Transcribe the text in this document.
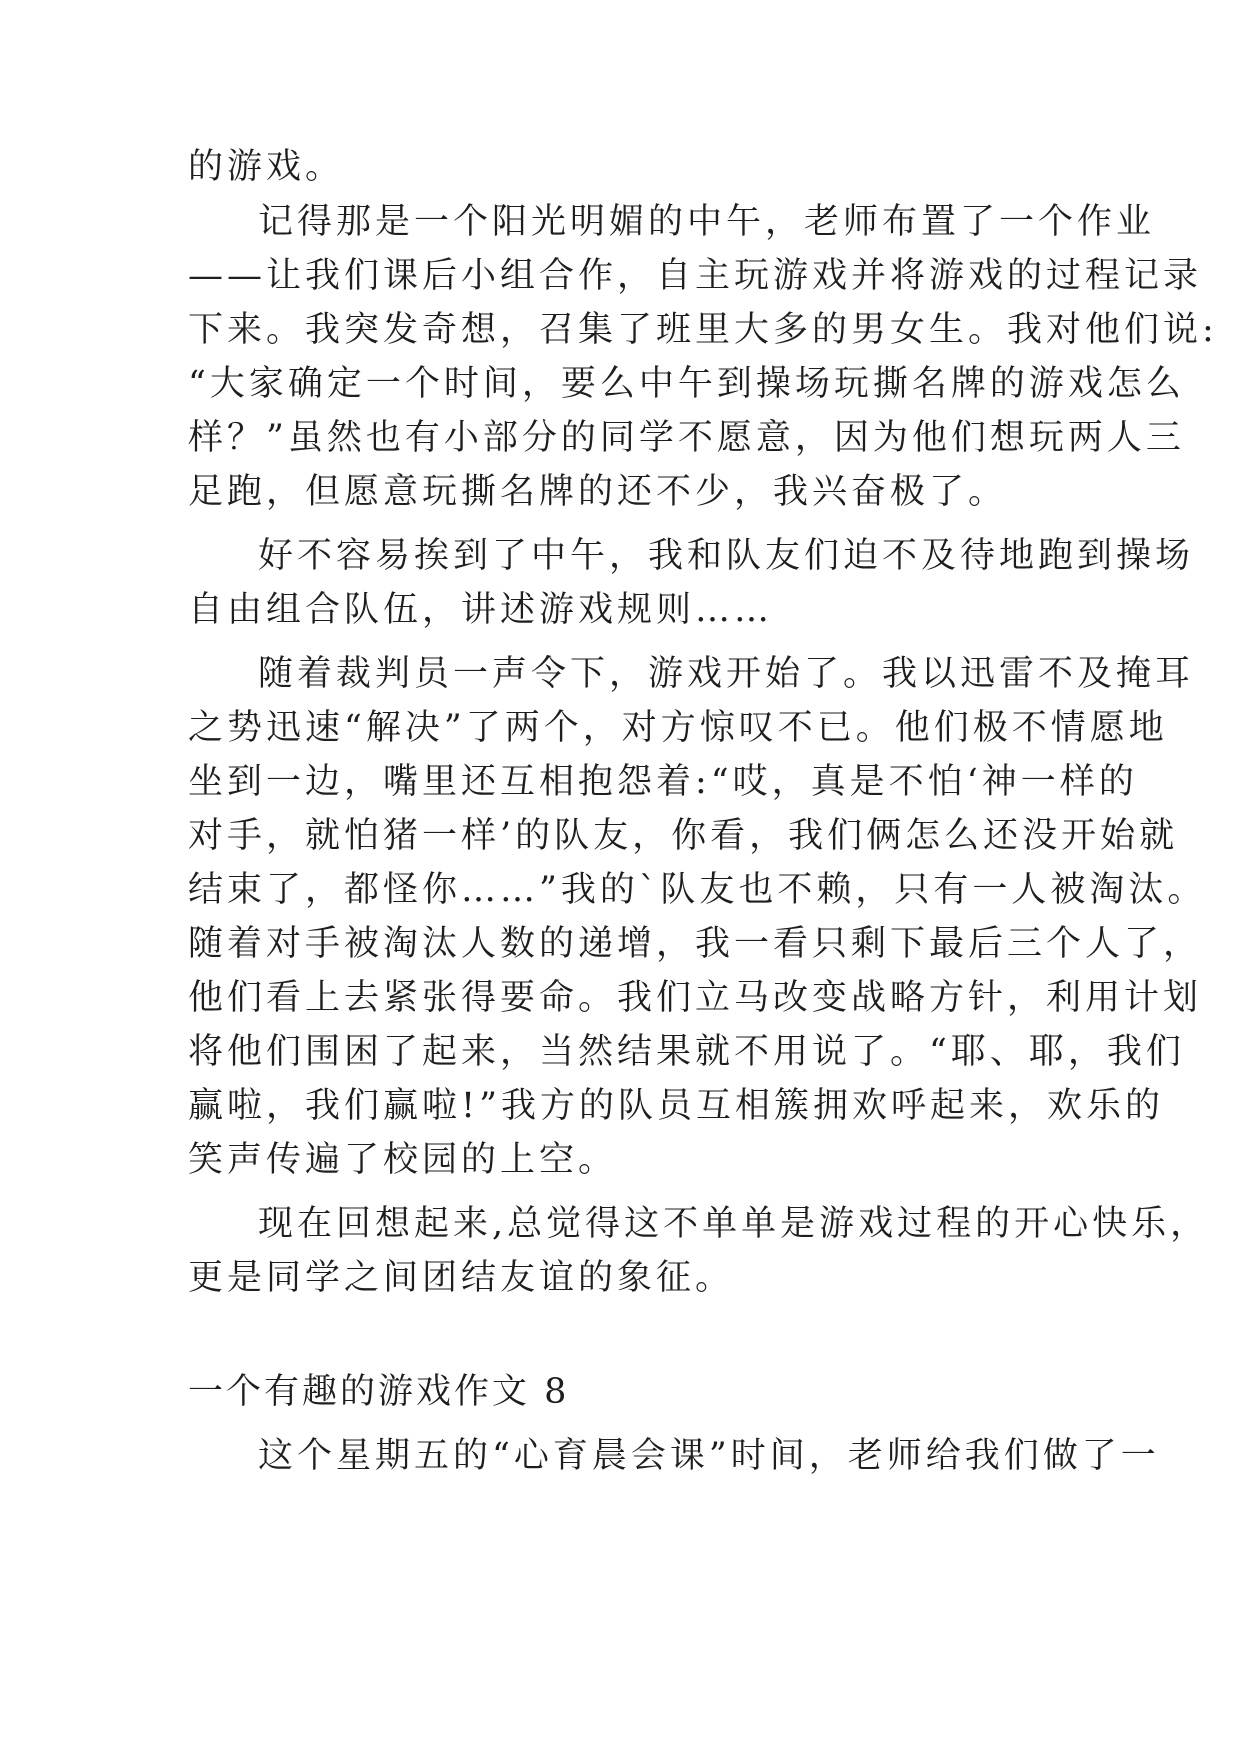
的游戏。
记得那是一个阳光明媚的中午，老师布置了一个作业
——让我们课后小组合作，自主玩游戏并将游戏的过程记录
下来。我突发奇想，召集了班里大多的男女生。我对他们说:
“大家确定一个时间，要么中午到操场玩撕名牌的游戏怎么
样？”虽然也有小部分的同学不愿意，因为他们想玩两人三
足跑，但愿意玩撕名牌的还不少，我兴奋极了。
好不容易挨到了中午，我和队友们迫不及待地跑到操场
自由组合队伍，讲述游戏规则……
随着裁判员一声令下，游戏开始了。我以迅雷不及掩耳
之势迅速“解决”了两个，对方惊叹不已。他们极不情愿地
坐到一边，嘴里还互相抱怨着:“哎，真是不怕‘神一样的
对手，就怕猪一样’的队友，你看，我们俩怎么还没开始就
结束了，都怪你……”我的`队友也不赖，只有一人被淘汰。
随着对手被淘汰人数的递增，我一看只剩下最后三个人了，
他们看上去紧张得要命。我们立马改变战略方针，利用计划
将他们围困了起来，当然结果就不用说了。“耶、耶，我们
赢啦，我们赢啦!”我方的队员互相簇拥欢呼起来，欢乐的
笑声传遍了校园的上空。
现在回想起来,总觉得这不单单是游戏过程的开心快乐，
更是同学之间团结友谊的象征。
一个有趣的游戏作文 8
这个星期五的“心育晨会课”时间，老师给我们做了一
